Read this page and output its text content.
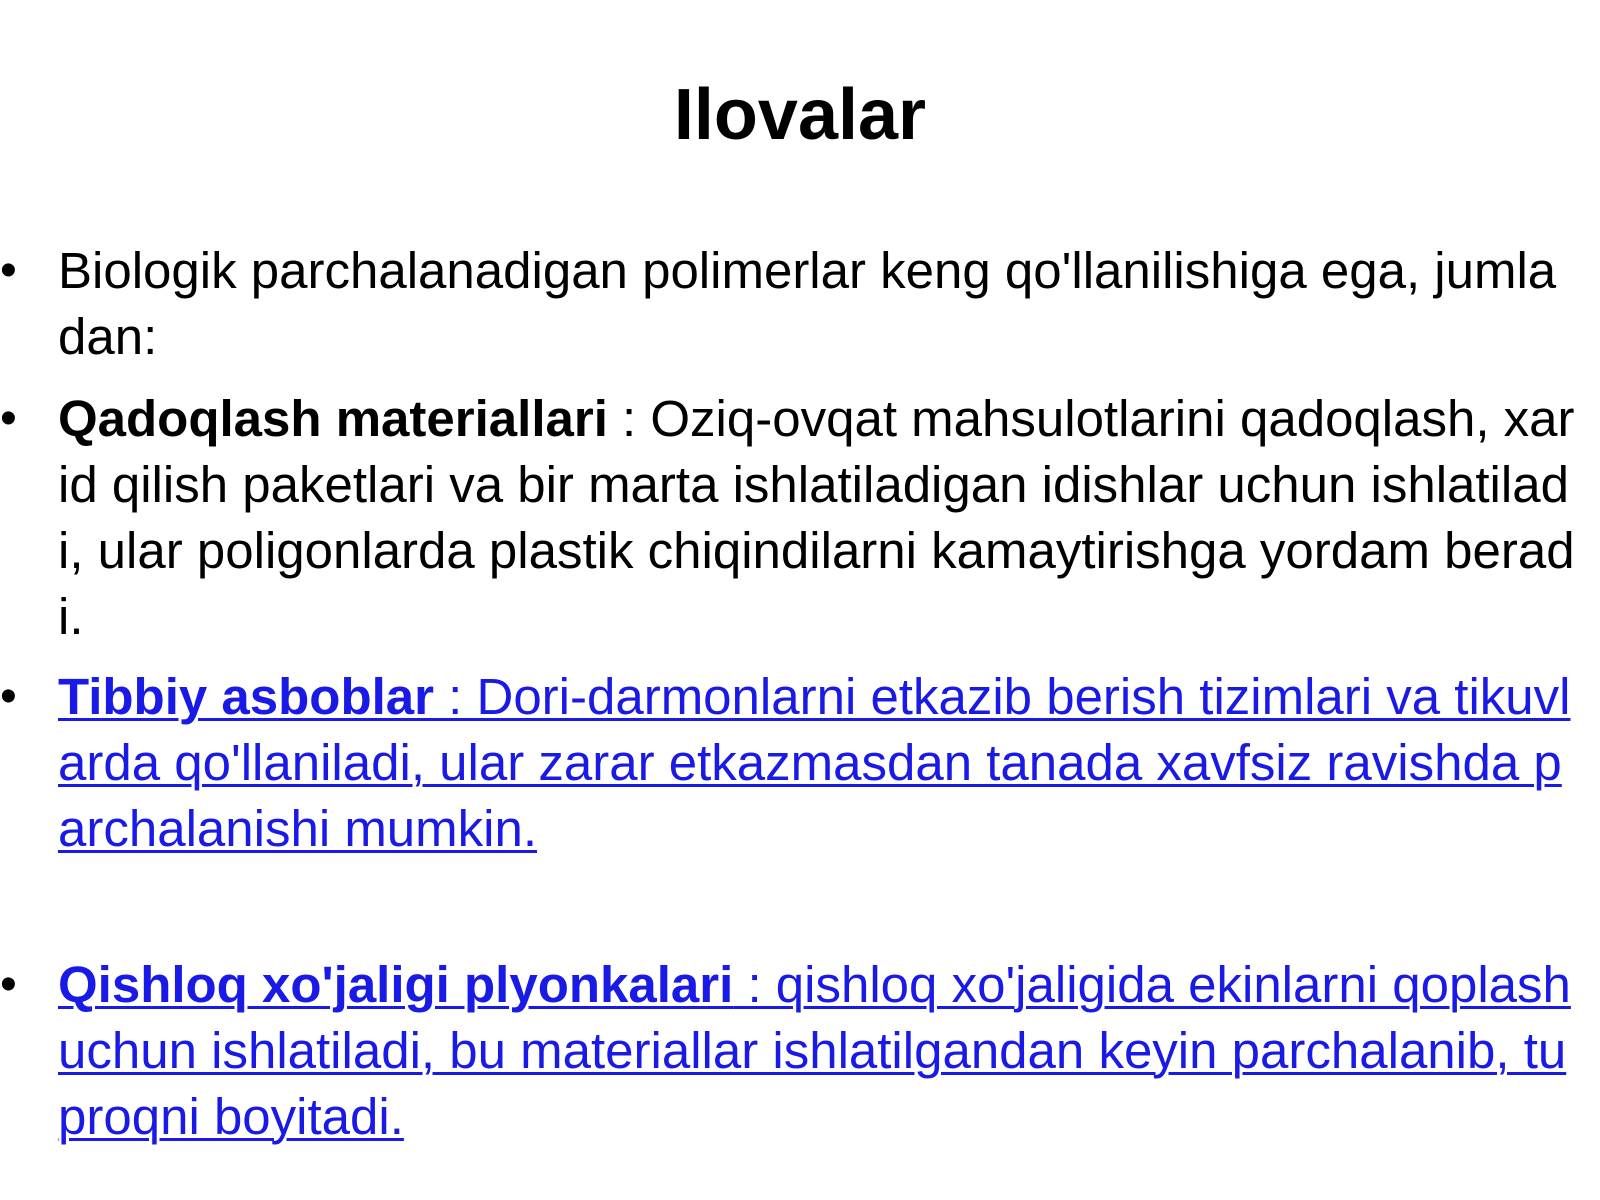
Ilovalar
• Biologik parchalanadigan polimerlar keng qo'llanilishiga ega, jumladan:
• Qadoqlash materiallari : Oziq-ovqat mahsulotlarini qadoqlash, xarid qilish paketlari va bir marta ishlatiladigan idishlar uchun ishlatiladi, ular poligonlarda plastik chiqindilarni kamaytirishga yordam beradi.
• Tibbiy asboblar : Dori-darmonlarni etkazib berish tizimlari va tikuvlarda qo'llaniladi, ular zarar etkazmasdan tanada xavfsiz ravishda parchalanishi mumkin.
• Qishloq xo'jaligi plyonkalari : qishloq xo'jaligida ekinlarni qoplash uchun ishlatiladi, bu materiallar ishlatilgandan keyin parchalanib, tuproqni boyitadi.
